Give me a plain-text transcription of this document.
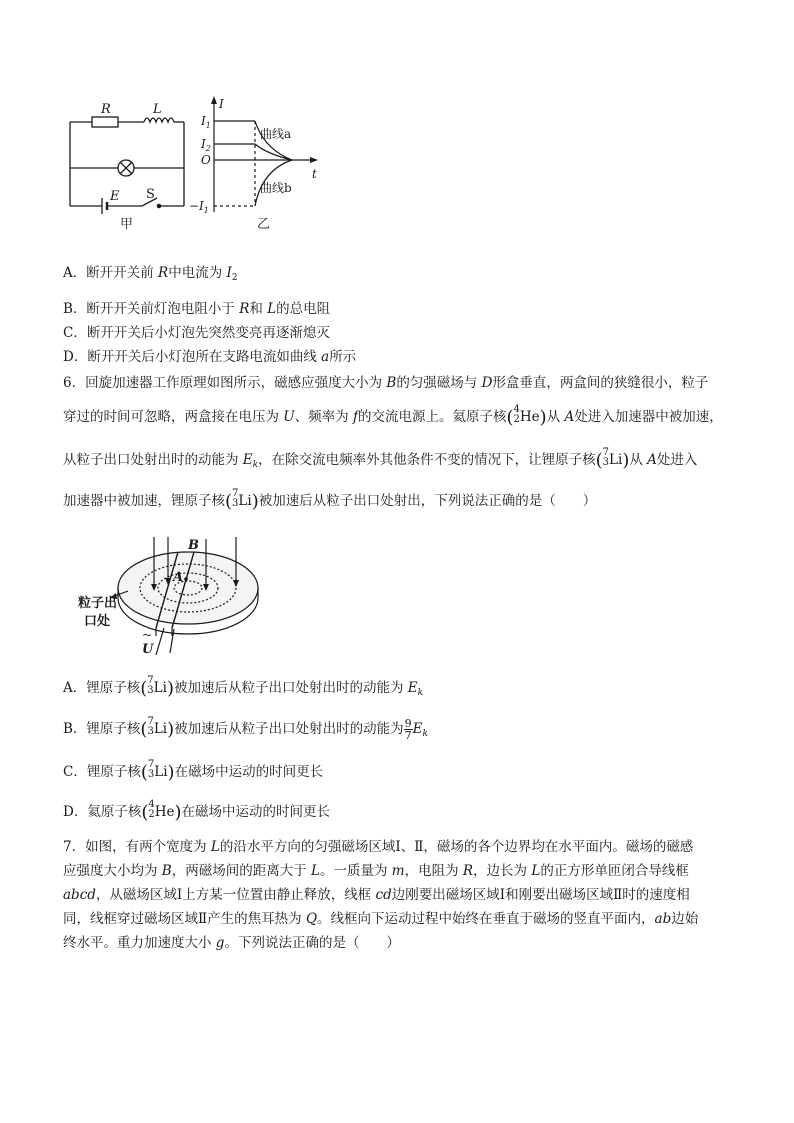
R	L
E S
甲
I
t
$I_1$
$I_2$
O
$-I_1$
曲线a
曲线b
乙
A．断开开关前 R中电流为 $I_2$
B．断开开关前灯泡电阻小于 R和 L的总电阻
C．断开开关后小灯泡先突然变亮再逐渐熄灭
D．断开开关后小灯泡所在支路电流如曲线 a所示
6．回旋加速器工作原理如图所示，磁感应强度大小为 B的匀强磁场与 D形盒垂直，两盒间的狭缝很小，粒子
穿过的时间可忽略，两盒接在电压为 U、频率为 f的交流电源上。氦原子核( 4
2 He)从 A处进入加速器中被加速，
从粒子出口处射出时的动能为 $E_k$，在除交流电频率外其他条件不变的情况下，让锂原子核( 7
3 Li)从 A处进入
加速器中被加速，锂原子核( 7
3 Li)被加速后从粒子出口处射出，下列说法正确的是（　　）
B
A
粒子出
口处
U
~
A．锂原子核( 7
3 Li)被加速后从粒子出口处射出时的动能为 $E_k$
B．锂原子核( 7
3 Li)被加速后从粒子出口处射出时的动能为 $\frac{9}{7} E_k$
C．锂原子核( 7
3 Li)在磁场中运动的时间更长
D．氦原子核( 4
2 He)在磁场中运动的时间更长
7．如图，有两个宽度为 L的沿水平方向的匀强磁场区域Ⅰ、Ⅱ，磁场的各个边界均在水平面内。磁场的磁感
应强度大小均为 B，两磁场间的距离大于 L。一质量为 m，电阻为 R，边长为 L的正方形单匝闭合导线框
abcd，从磁场区域Ⅰ上方某一位置由静止释放，线框 cd边刚要出磁场区域Ⅰ和刚要出磁场区域Ⅱ时的速度相
同，线框穿过磁场区域Ⅱ产生的焦耳热为 Q。线框向下运动过程中始终在垂直于磁场的竖直平面内，ab边始
终水平。重力加速度大小 g。下列说法正确的是（　　）
